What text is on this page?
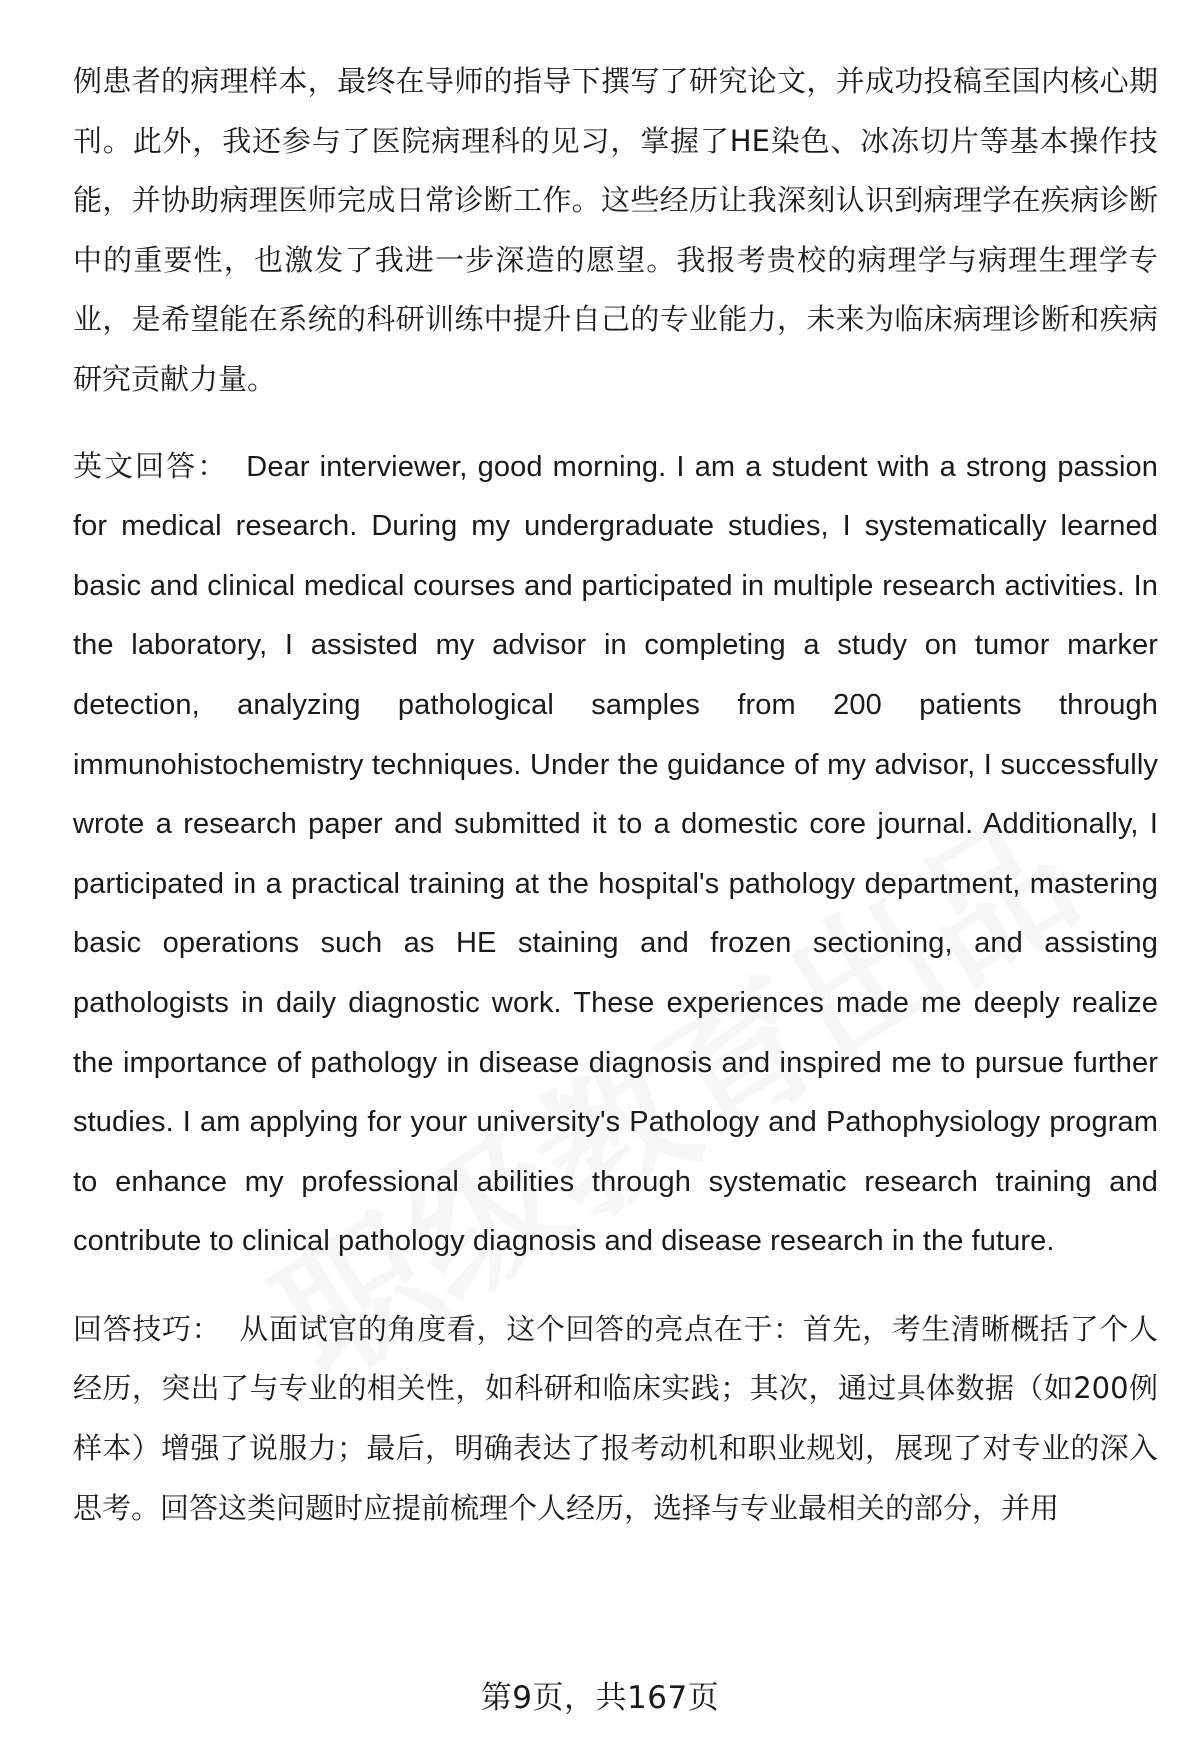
例患者的病理样本，最终在导师的指导下撰写了研究论文，并成功投稿至国内核心期刊。此外，我还参与了医院病理科的见习，掌握了HE染色、冰冻切片等基本操作技能，并协助病理医师完成日常诊断工作。这些经历让我深刻认识到病理学在疾病诊断中的重要性，也激发了我进一步深造的愿望。我报考贵校的病理学与病理生理学专业，是希望能在系统的科研训练中提升自己的专业能力，未来为临床病理诊断和疾病研究贡献力量。

英文回答： Dear interviewer, good morning. I am a student with a strong passion for medical research. During my undergraduate studies, I systematically learned basic and clinical medical courses and participated in multiple research activities. In the laboratory, I assisted my advisor in completing a study on tumor marker detection, analyzing pathological samples from 200 patients through immunohistochemistry techniques. Under the guidance of my advisor, I successfully wrote a research paper and submitted it to a domestic core journal. Additionally, I participated in a practical training at the hospital's pathology department, mastering basic operations such as HE staining and frozen sectioning, and assisting pathologists in daily diagnostic work. These experiences made me deeply realize the importance of pathology in disease diagnosis and inspired me to pursue further studies. I am applying for your university's Pathology and Pathophysiology program to enhance my professional abilities through systematic research training and contribute to clinical pathology diagnosis and disease research in the future.

回答技巧： 从面试官的角度看，这个回答的亮点在于：首先，考生清晰概括了个人经历，突出了与专业的相关性，如科研和临床实践；其次，通过具体数据（如200例样本）增强了说服力；最后，明确表达了报考动机和职业规划，展现了对专业的深入思考。回答这类问题时应提前梳理个人经历，选择与专业最相关的部分，并用

第9页，共167页
